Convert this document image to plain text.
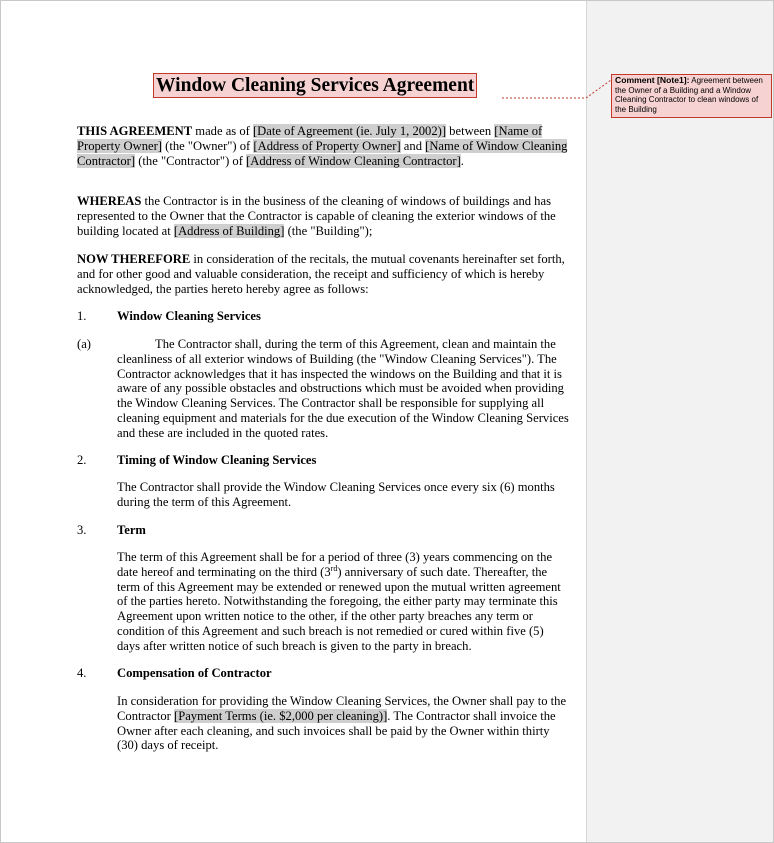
Window Cleaning Services Agreement
THIS AGREEMENT made as of [Date of Agreement (ie. July 1, 2002)] between [Name of
Property Owner] (the "Owner") of [Address of Property Owner] and [Name of Window Cleaning
Contractor] (the "Contractor") of [Address of Window Cleaning Contractor].
WHEREAS the Contractor is in the business of the cleaning of windows of buildings and has
represented to the Owner that the Contractor is capable of cleaning the exterior windows of the
building located at [Address of Building] (the "Building");
NOW THEREFORE in consideration of the recitals, the mutual covenants hereinafter set forth,
and for other good and valuable consideration, the receipt and sufficiency of which is hereby
acknowledged, the parties hereto hereby agree as follows:
1. Window Cleaning Services
(a)	The Contractor shall, during the term of this Agreement, clean and maintain the
cleanliness of all exterior windows of Building (the "Window Cleaning Services"). The
Contractor acknowledges that it has inspected the windows on the Building and that it is
aware of any possible obstacles and obstructions which must be avoided when providing
the Window Cleaning Services. The Contractor shall be responsible for supplying all
cleaning equipment and materials for the due execution of the Window Cleaning Services
and these are included in the quoted rates.
2. Timing of Window Cleaning Services
The Contractor shall provide the Window Cleaning Services once every six (6) months
during the term of this Agreement.
3. Term
The term of this Agreement shall be for a period of three (3) years commencing on the
date hereof and terminating on the third (3rd) anniversary of such date. Thereafter, the
term of this Agreement may be extended or renewed upon the mutual written agreement
of the parties hereto. Notwithstanding the foregoing, the either party may terminate this
Agreement upon written notice to the other, if the other party breaches any term or
condition of this Agreement and such breach is not remedied or cured within five (5)
days after written notice of such breach is given to the party in breach.
4. Compensation of Contractor
In consideration for providing the Window Cleaning Services, the Owner shall pay to the
Contractor [Payment Terms (ie. $2,000 per cleaning)]. The Contractor shall invoice the
Owner after each cleaning, and such invoices shall be paid by the Owner within thirty
(30) days of receipt.
Comment [Note1]: Agreement between the Owner of a Building and a Window Cleaning Contractor to clean windows of the Building
